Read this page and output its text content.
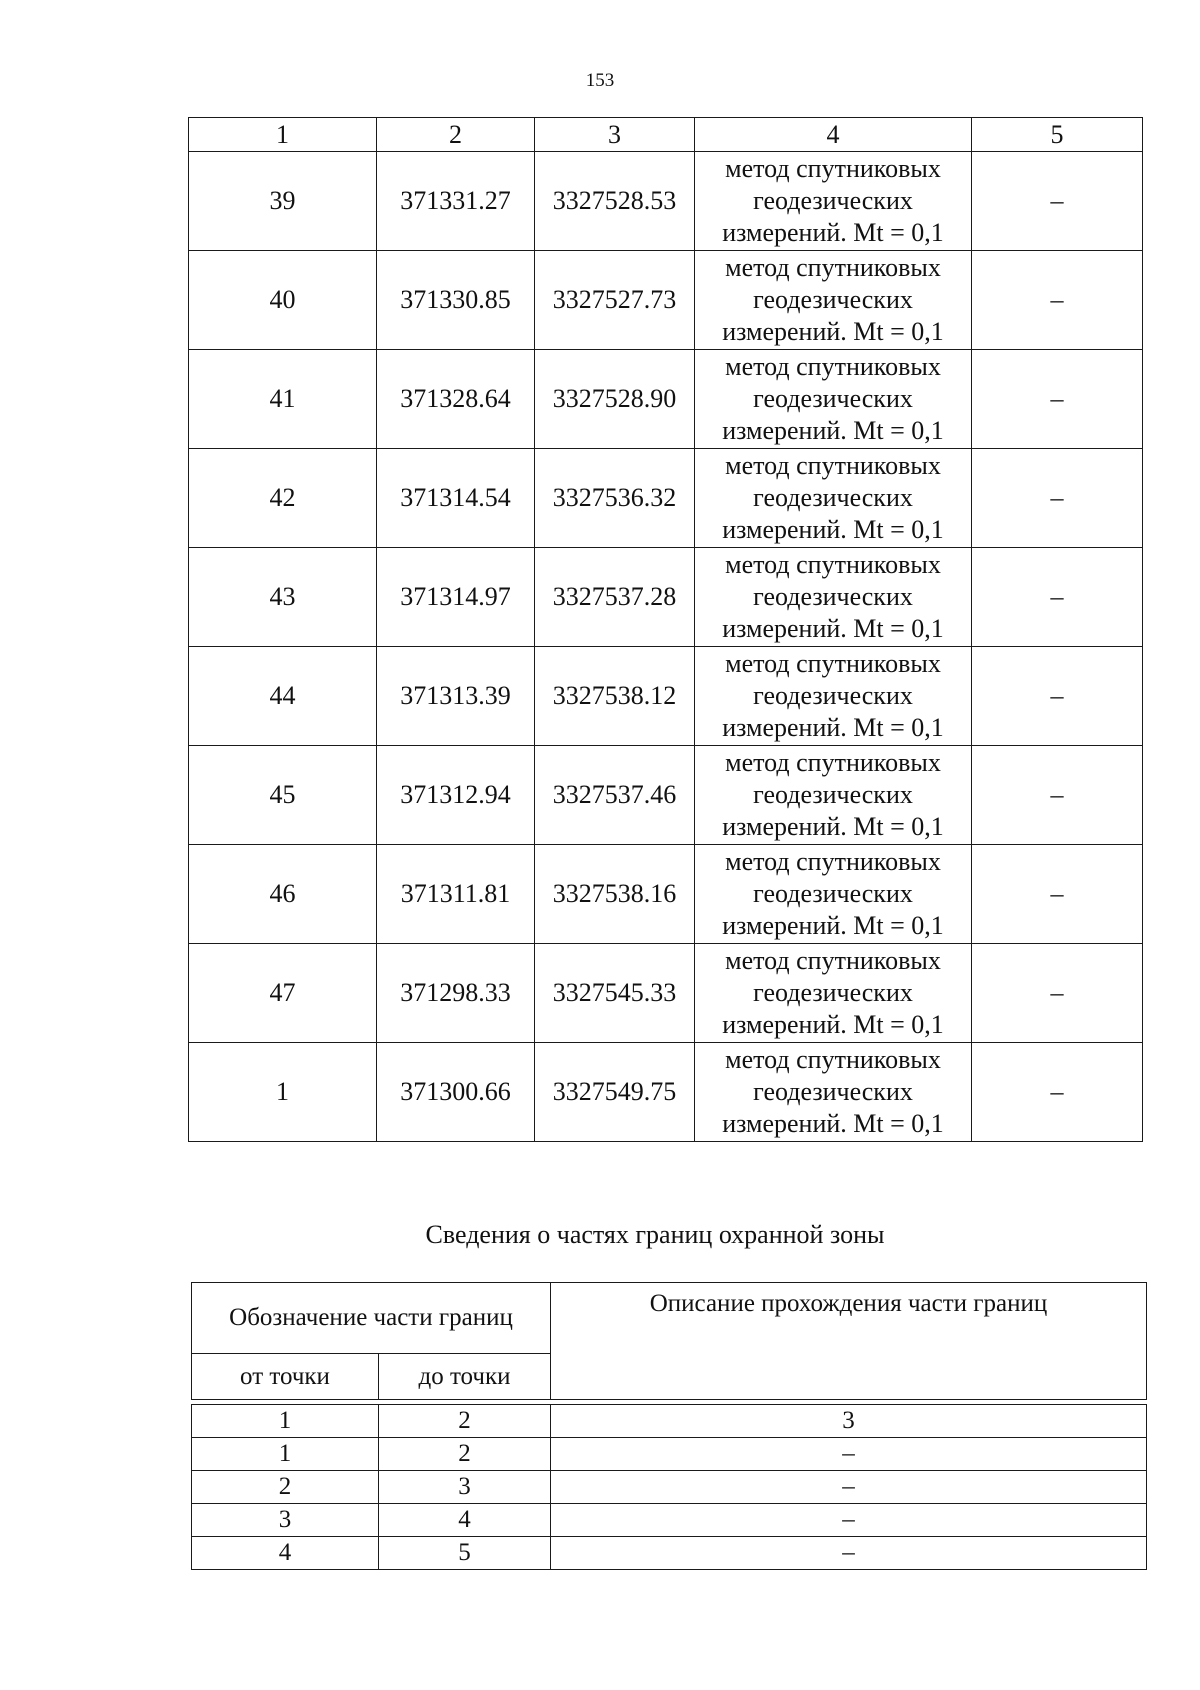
153
1	2	3	4	5
39	371331.27	3327528.53	метод спутниковых
геодезических
измерений. Mt = 0,1	–
40	371330.85	3327527.73	метод спутниковых
геодезических
измерений. Mt = 0,1	–
41	371328.64	3327528.90	метод спутниковых
геодезических
измерений. Mt = 0,1	–
42	371314.54	3327536.32	метод спутниковых
геодезических
измерений. Mt = 0,1	–
43	371314.97	3327537.28	метод спутниковых
геодезических
измерений. Mt = 0,1	–
44	371313.39	3327538.12	метод спутниковых
геодезических
измерений. Mt = 0,1	–
45	371312.94	3327537.46	метод спутниковых
геодезических
измерений. Mt = 0,1	–
46	371311.81	3327538.16	метод спутниковых
геодезических
измерений. Mt = 0,1	–
47	371298.33	3327545.33	метод спутниковых
геодезических
измерений. Mt = 0,1	–
1	371300.66	3327549.75	метод спутниковых
геодезических
измерений. Mt = 0,1	–
Сведения о частях границ охранной зоны
Обозначение части границ		Описание прохождения части границ
от точки	до точки	

1	2	3
1	2	–
2	3	–
3	4	–
4	5	–
